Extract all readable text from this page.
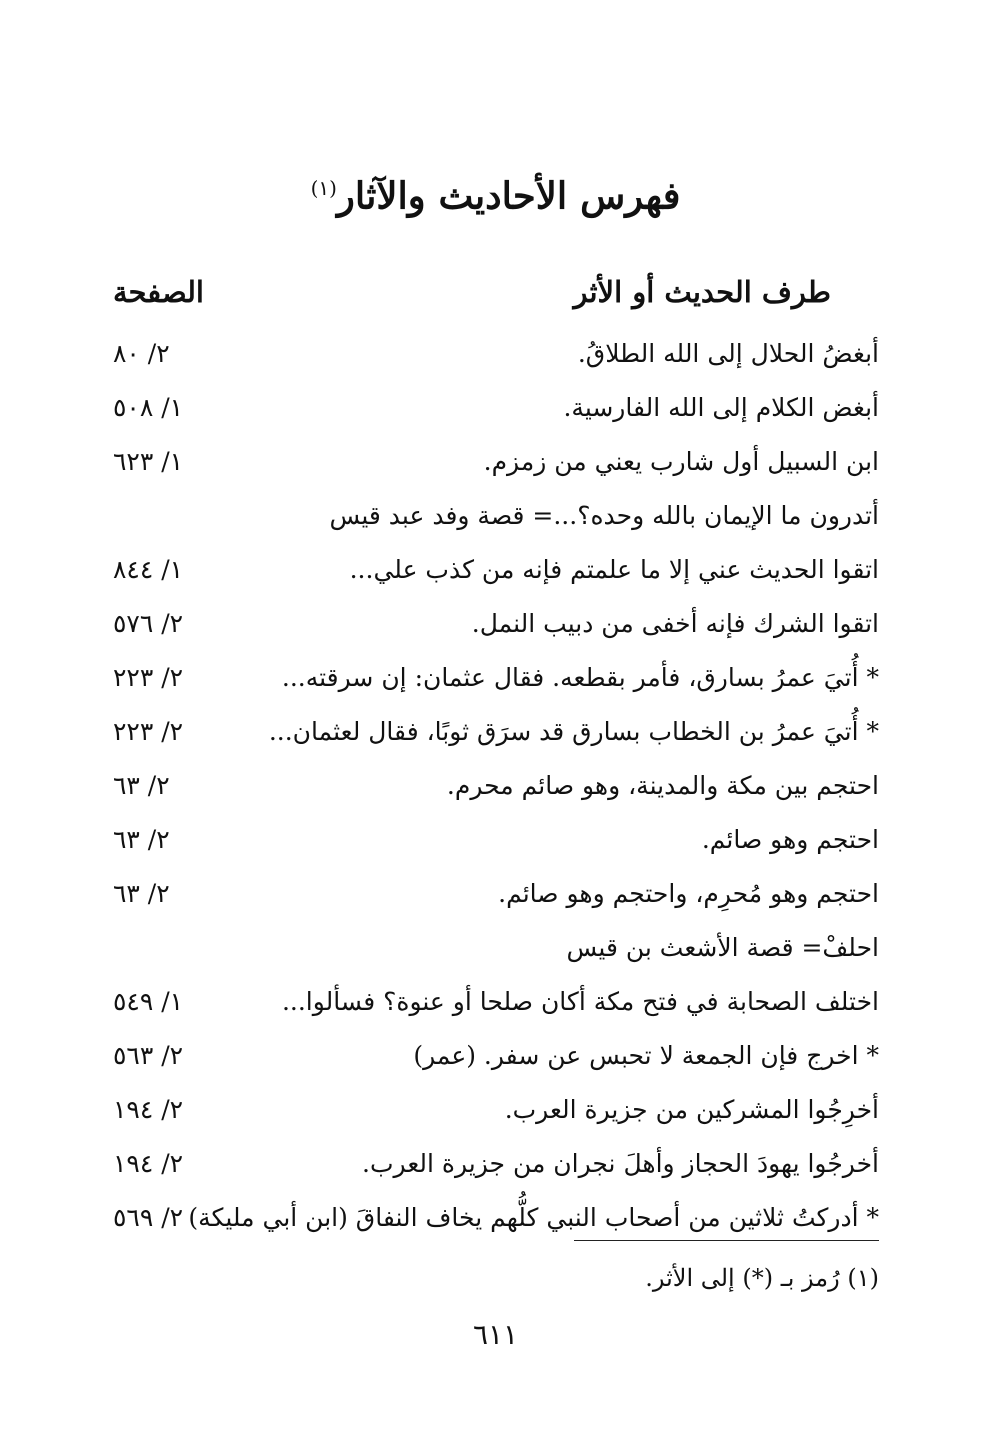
فهرس الأحاديث والآثار$^{(١)}$
طرف الحديث أو الأثر
الصفحة
أبغضُ الحلال إلى الله الطلاقُ.
٢/ ٨٠
أبغض الكلام إلى الله الفارسية.
١/ ٥٠٨
ابن السبيل أول شارب يعني من زمزم.
١/ ٦٢٣
أتدرون ما الإيمان بالله وحده؟...= قصة وفد عبد قيس
اتقوا الحديث عني إلا ما علمتم فإنه من كذب علي...
١/ ٨٤٤
اتقوا الشرك فإنه أخفى من دبيب النمل.
٢/ ٥٧٦
* أُتيَ عمرُ بسارق، فأمر بقطعه. فقال عثمان: إن سرقته...
٢/ ٢٢٣
* أُتيَ عمرُ بن الخطاب بسارق قد سرَق ثوبًا، فقال لعثمان...
٢/ ٢٢٣
احتجم بين مكة والمدينة، وهو صائم محرم.
٢/ ٦٣
احتجم وهو صائم.
٢/ ٦٣
احتجم وهو مُحرِم، واحتجم وهو صائم.
٢/ ٦٣
احلفْ= قصة الأشعث بن قيس
اختلف الصحابة في فتح مكة أكان صلحا أو عنوة؟ فسألوا...
١/ ٥٤٩
* اخرج فإن الجمعة لا تحبس عن سفر. (عمر)
٢/ ٥٦٣
أخرِجُوا المشركين من جزيرة العرب.
٢/ ١٩٤
أخرجُوا يهودَ الحجاز وأهلَ نجران من جزيرة العرب.
٢/ ١٩٤
* أدركتُ ثلاثين من أصحاب النبي كلُّهم يخاف النفاقَ (ابن أبي مليكة)
٢/ ٥٦٩
(١) رُمز بـ (*) إلى الأثر.
٦١١
